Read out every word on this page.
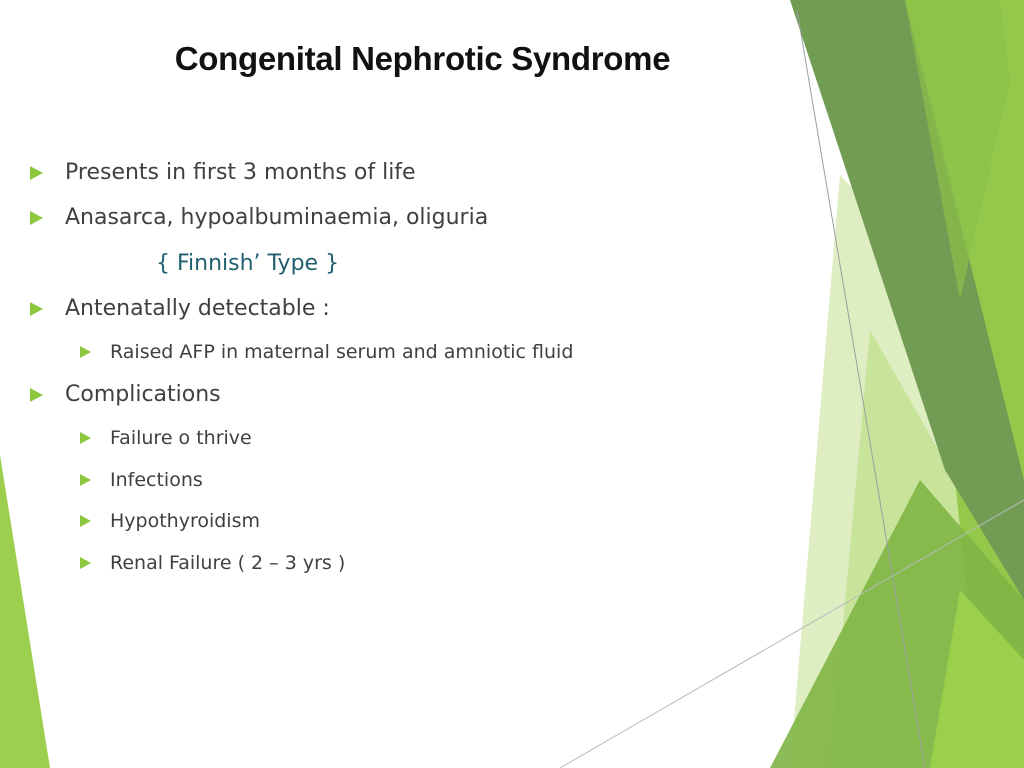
Congenital Nephrotic Syndrome
Presents in first 3 months of life
Anasarca, hypoalbuminaemia, oliguria
{ Finnish’ Type }
Antenatally detectable :
Raised AFP in maternal serum and amniotic fluid
Complications
Failure o thrive
Infections
Hypothyroidism
Renal Failure ( 2 – 3 yrs )
